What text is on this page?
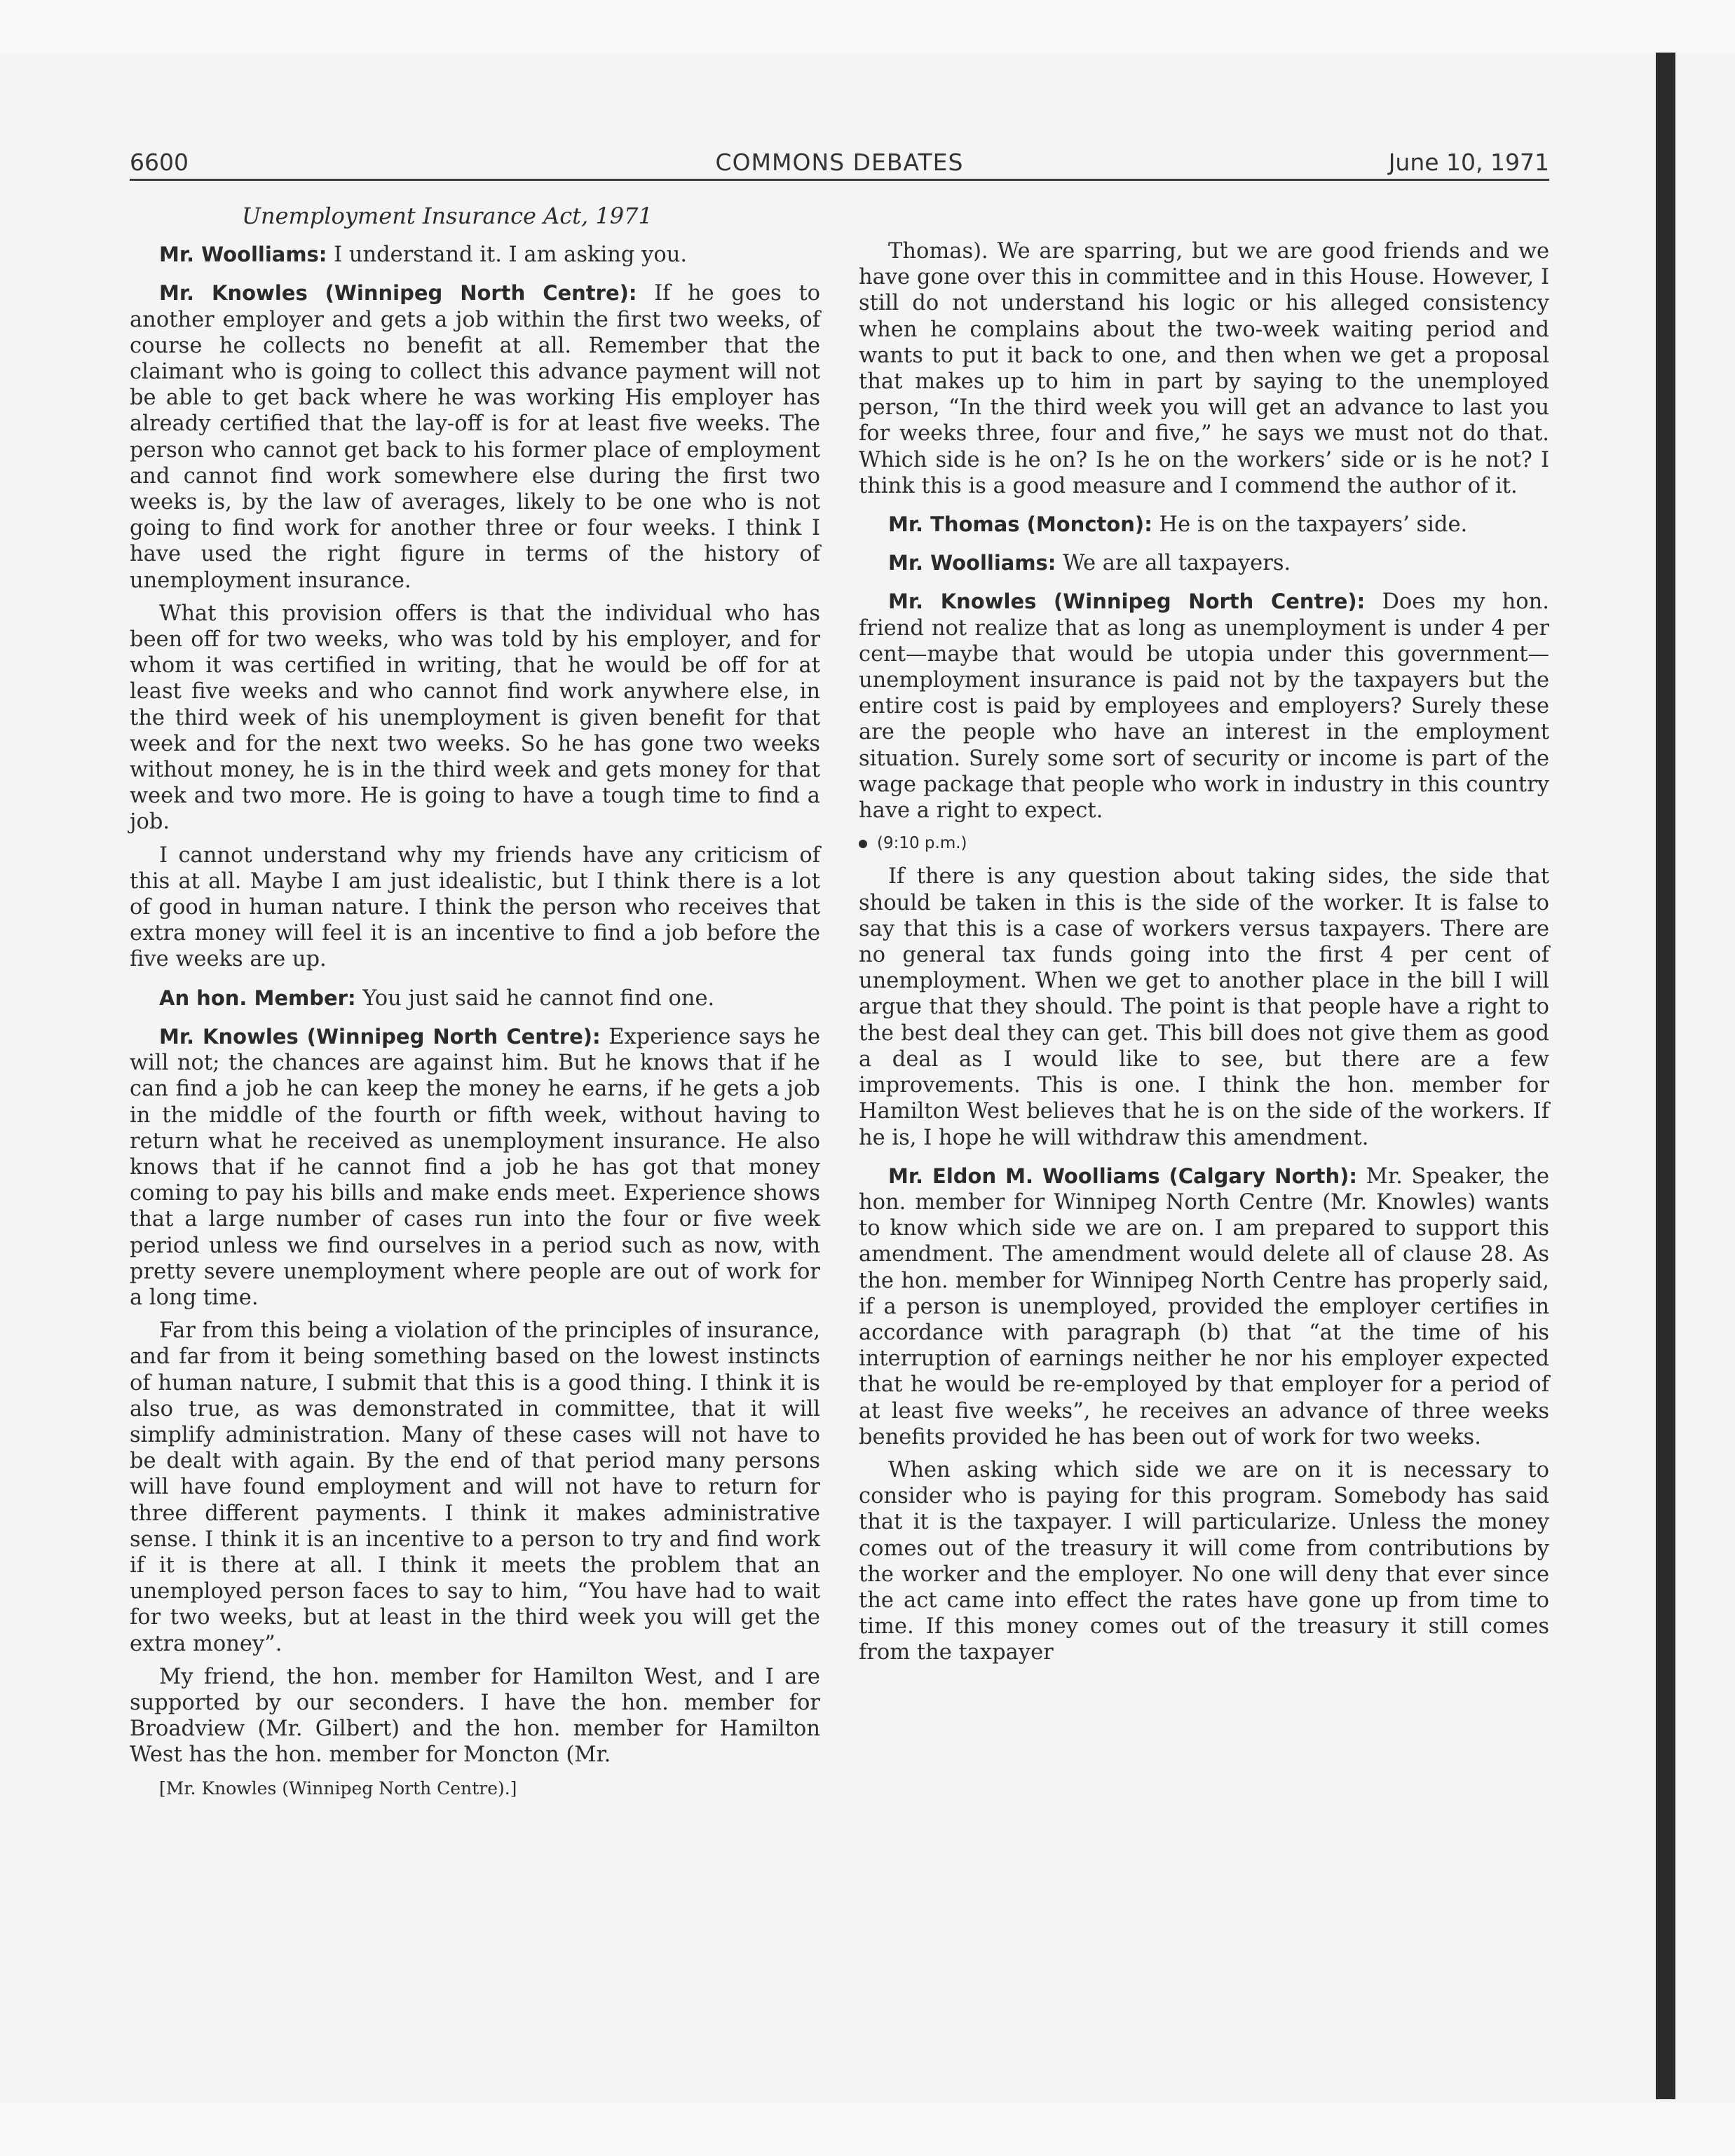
6600	COMMONS DEBATES	June 10, 1971
Unemployment Insurance Act, 1971

Mr. Woolliams: I understand it. I am asking you.

Mr. Knowles (Winnipeg North Centre): If he goes to another employer and gets a job within the first two weeks, of course he collects no benefit at all. Remember that the claimant who is going to collect this advance payment will not be able to get back where he was working His employer has already certified that the lay-off is for at least five weeks. The person who cannot get back to his former place of employment and cannot find work somewhere else during the first two weeks is, by the law of averages, likely to be one who is not going to find work for another three or four weeks. I think I have used the right figure in terms of the history of unemployment insurance.

What this provision offers is that the individual who has been off for two weeks, who was told by his employer, and for whom it was certified in writing, that he would be off for at least five weeks and who cannot find work anywhere else, in the third week of his unemployment is given benefit for that week and for the next two weeks. So he has gone two weeks without money, he is in the third week and gets money for that week and two more. He is going to have a tough time to find a job.

I cannot understand why my friends have any criticism of this at all. Maybe I am just idealistic, but I think there is a lot of good in human nature. I think the person who receives that extra money will feel it is an incentive to find a job before the five weeks are up.

An hon. Member: You just said he cannot find one.

Mr. Knowles (Winnipeg North Centre): Experience says he will not; the chances are against him. But he knows that if he can find a job he can keep the money he earns, if he gets a job in the middle of the fourth or fifth week, without having to return what he received as unemployment insurance. He also knows that if he cannot find a job he has got that money coming to pay his bills and make ends meet. Experience shows that a large number of cases run into the four or five week period unless we find ourselves in a period such as now, with pretty severe unemployment where people are out of work for a long time.

Far from this being a violation of the principles of insurance, and far from it being something based on the lowest instincts of human nature, I submit that this is a good thing. I think it is also true, as was demonstrated in committee, that it will simplify administration. Many of these cases will not have to be dealt with again. By the end of that period many persons will have found employment and will not have to return for three different payments. I think it makes administrative sense. I think it is an incentive to a person to try and find work if it is there at all. I think it meets the problem that an unemployed person faces to say to him, “You have had to wait for two weeks, but at least in the third week you will get the extra money”.

My friend, the hon. member for Hamilton West, and I are supported by our seconders. I have the hon. member for Broadview (Mr. Gilbert) and the hon. member for Hamilton West has the hon. member for Moncton (Mr.

[Mr. Knowles (Winnipeg North Centre).]

Thomas). We are sparring, but we are good friends and we have gone over this in committee and in this House. However, I still do not understand his logic or his alleged consistency when he complains about the two-week waiting period and wants to put it back to one, and then when we get a proposal that makes up to him in part by saying to the unemployed person, “In the third week you will get an advance to last you for weeks three, four and five,” he says we must not do that. Which side is he on? Is he on the workers’ side or is he not? I think this is a good measure and I commend the author of it.

Mr. Thomas (Moncton): He is on the taxpayers’ side.

Mr. Woolliams: We are all taxpayers.

Mr. Knowles (Winnipeg North Centre): Does my hon. friend not realize that as long as unemployment is under 4 per cent—maybe that would be utopia under this government—unemployment insurance is paid not by the taxpayers but the entire cost is paid by employees and employers? Surely these are the people who have an interest in the employment situation. Surely some sort of security or income is part of the wage package that people who work in industry in this country have a right to expect.

(9:10 p.m.)

If there is any question about taking sides, the side that should be taken in this is the side of the worker. It is false to say that this is a case of workers versus taxpayers. There are no general tax funds going into the first 4 per cent of unemployment. When we get to another place in the bill I will argue that they should. The point is that people have a right to the best deal they can get. This bill does not give them as good a deal as I would like to see, but there are a few improvements. This is one. I think the hon. member for Hamilton West believes that he is on the side of the workers. If he is, I hope he will withdraw this amendment.

Mr. Eldon M. Woolliams (Calgary North): Mr. Speaker, the hon. member for Winnipeg North Centre (Mr. Knowles) wants to know which side we are on. I am prepared to support this amendment. The amendment would delete all of clause 28. As the hon. member for Winnipeg North Centre has properly said, if a person is unemployed, provided the employer certifies in accordance with paragraph (b) that “at the time of his interruption of earnings neither he nor his employer expected that he would be re-employed by that employer for a period of at least five weeks”, he receives an advance of three weeks benefits provided he has been out of work for two weeks.

When asking which side we are on it is necessary to consider who is paying for this program. Somebody has said that it is the taxpayer. I will particularize. Unless the money comes out of the treasury it will come from contributions by the worker and the employer. No one will deny that ever since the act came into effect the rates have gone up from time to time. If this money comes out of the treasury it still comes from the taxpayer
